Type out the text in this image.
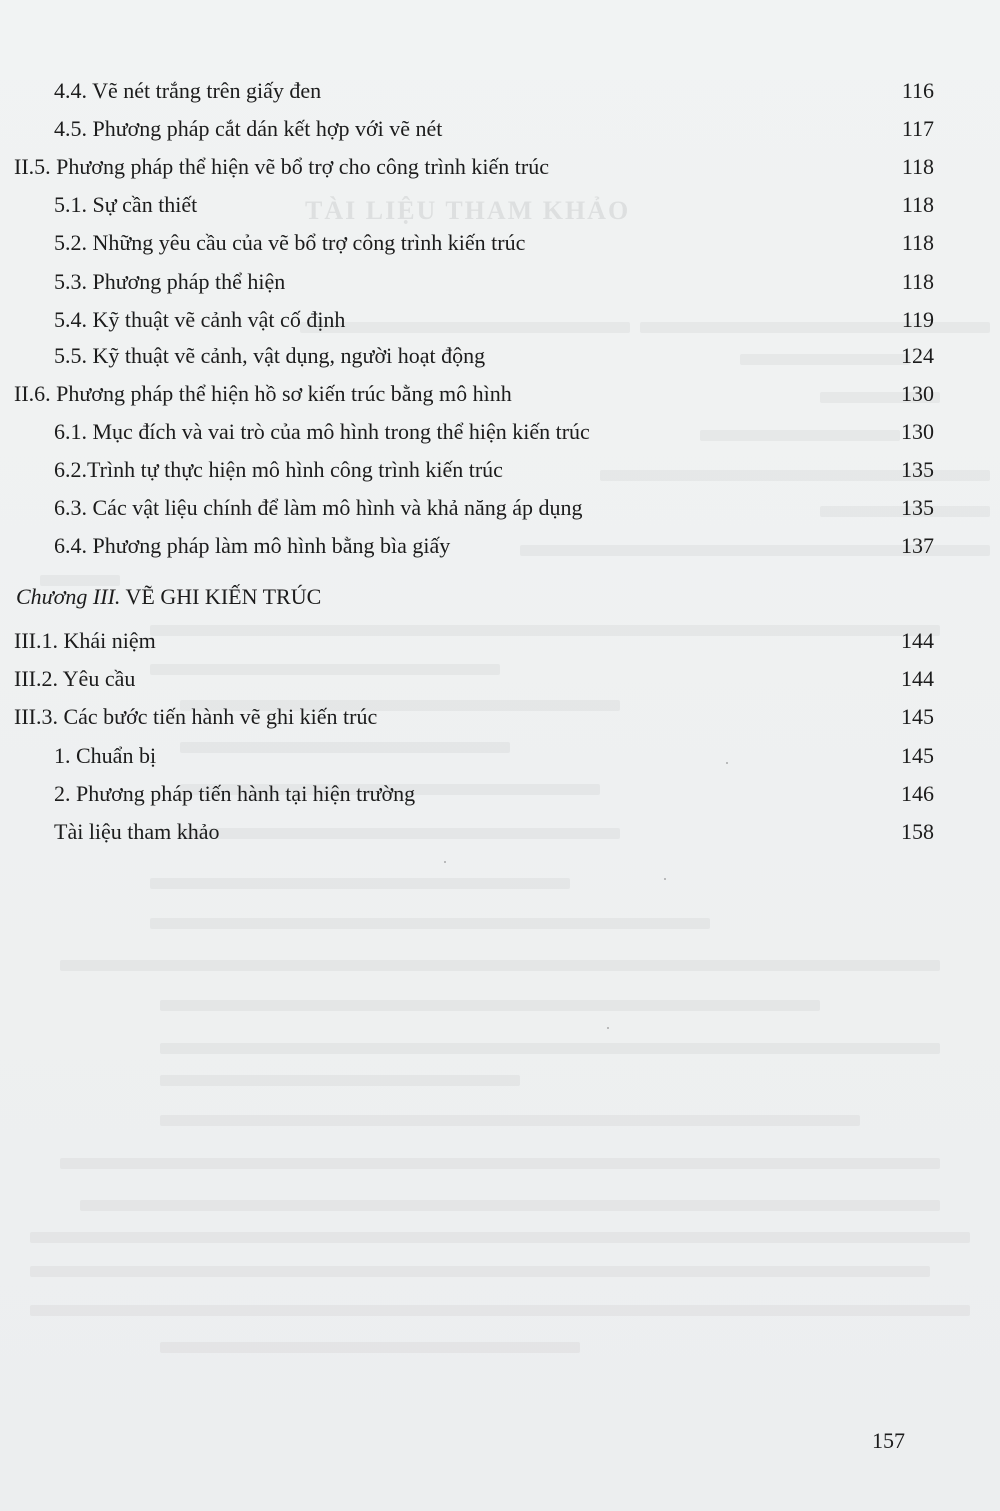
TÀI LIỆU THAM KHẢO
4.4. Vẽ nét trắng trên giấy đen	116
4.5. Phương pháp cắt dán kết hợp với vẽ nét	117
II.5. Phương pháp thể hiện vẽ bổ trợ cho công trình kiến trúc	118
5.1. Sự cần thiết	118
5.2. Những yêu cầu của vẽ bổ trợ công trình kiến trúc	118
5.3. Phương pháp thể hiện	118
5.4. Kỹ thuật vẽ cảnh vật cố định	119
5.5. Kỹ thuật vẽ cảnh, vật dụng, người hoạt động	124
II.6. Phương pháp thể hiện hồ sơ kiến trúc bằng mô hình	130
6.1. Mục đích và vai trò của mô hình trong thể hiện kiến trúc	130
6.2.Trình tự thực hiện mô hình công trình kiến trúc	135
6.3. Các vật liệu chính để làm mô hình và khả năng áp dụng	135
6.4. Phương pháp làm mô hình bằng bìa giấy	137
Chương III. VẼ GHI KIẾN TRÚC
III.1. Khái niệm	144
III.2. Yêu cầu	144
III.3. Các bước tiến hành vẽ ghi kiến trúc	145
1. Chuẩn bị	145
2. Phương pháp tiến hành tại hiện trường	146
Tài liệu tham khảo	158
157
